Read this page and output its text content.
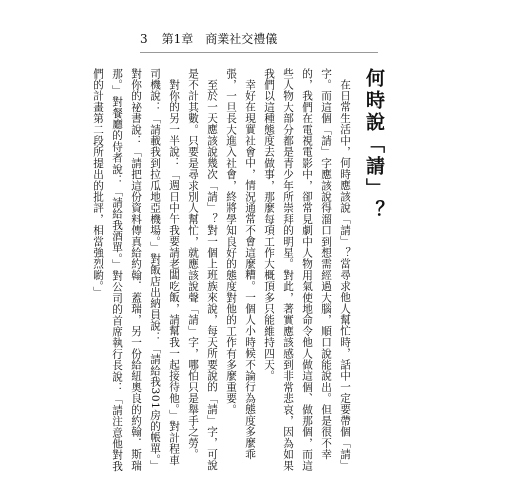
3 第1章　商業社交禮儀
何時說「請」？

在日常生活中，何時應該說「請」？當尋求他人幫忙時，話中一定要帶個「請」字。而這個「請」字應該說得溜口到想需經過大腦，順口說能說出。但是很不幸的，我們在電視電影中，卻常見劇中人物用氣使地命令他人做這個、做那個，而這些人物大部分都是青少年所崇拜的明星。對此，著實應該感到非常悲哀，因為如果我們以這種態度去做事，那麼每項工作大概頂多只能維持四天。

幸好在現實社會中，情況通常不會這麼糟。一個人小時候不論行為態度多麼乖張，一旦長大進入社會，終將學知良好的態度對他的工作有多麼重要。

至於一天應該說幾次「請」？對一個上班族來說，每天所要說的「請」字，可說是不計其數。只要是尋求別人幫忙，就應該說聲「請」字，哪怕只是舉手之勞。

對你的另一半說：「週日中午我要請老闆吃飯，請幫我一起接待他。」對計程車司機說：「請載我到拉瓜地亞機場。」對飯店出納員說：「請給我301房的帳單。」對你的祕書說：「請把這份資料傳真給約翰．蓋瑞，另一份給紐奧良的約翰．斯瑞那。」對餐廳的侍者說：「請給我酒單。」對公司的首席執行長說：「請注意他對我們的計畫第二段所提出的批評，相當強烈喲。」
